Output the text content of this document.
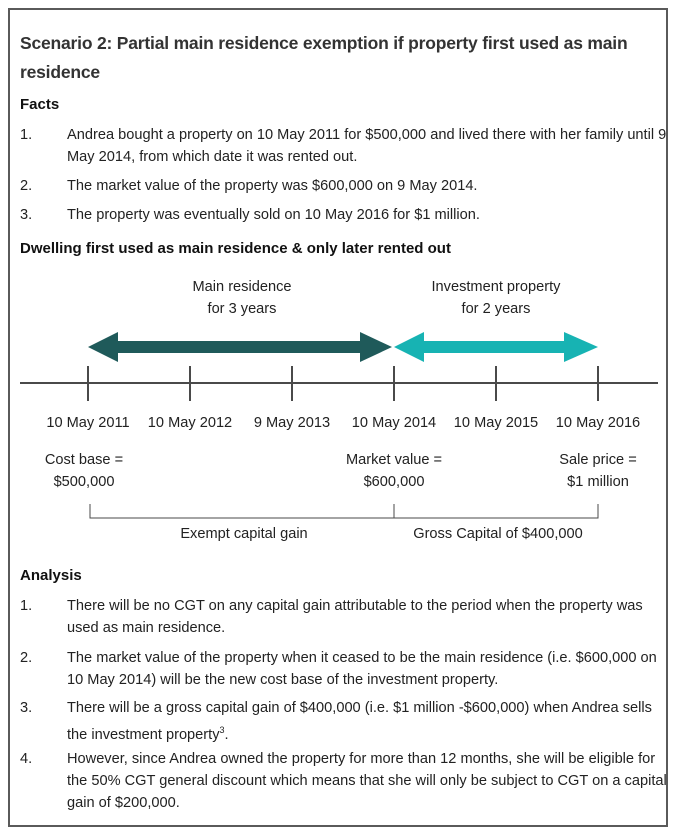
Scenario 2: Partial main residence exemption if property first used as main residence
Facts
1. Andrea bought a property on 10 May 2011 for $500,000 and lived there with her family until 9 May 2014, from which date it was rented out.
2. The market value of the property was $600,000 on 9 May 2014.
3. The property was eventually sold on 10 May 2016 for $1 million.
Dwelling first used as main residence & only later rented out
Main residence
for 3 years
Investment property
for 2 years
10 May 2011	10 May 2012	9 May 2013	10 May 2014	10 May 2015	10 May 2016
Cost base =
$500,000
Market value =
$600,000
Sale price =
$1 million
Exempt capital gain	Gross Capital of $400,000
Analysis
1. There will be no CGT on any capital gain attributable to the period when the property was used as main residence.
2. The market value of the property when it ceased to be the main residence (i.e. $600,000 on 10 May 2014) will be the new cost base of the investment property.
3. There will be a gross capital gain of $400,000 (i.e. $1 million -$600,000) when Andrea sells the investment property$^3$.
4. However, since Andrea owned the property for more than 12 months, she will be eligible for the 50% CGT general discount which means that she will only be subject to CGT on a capital gain of $200,000.
